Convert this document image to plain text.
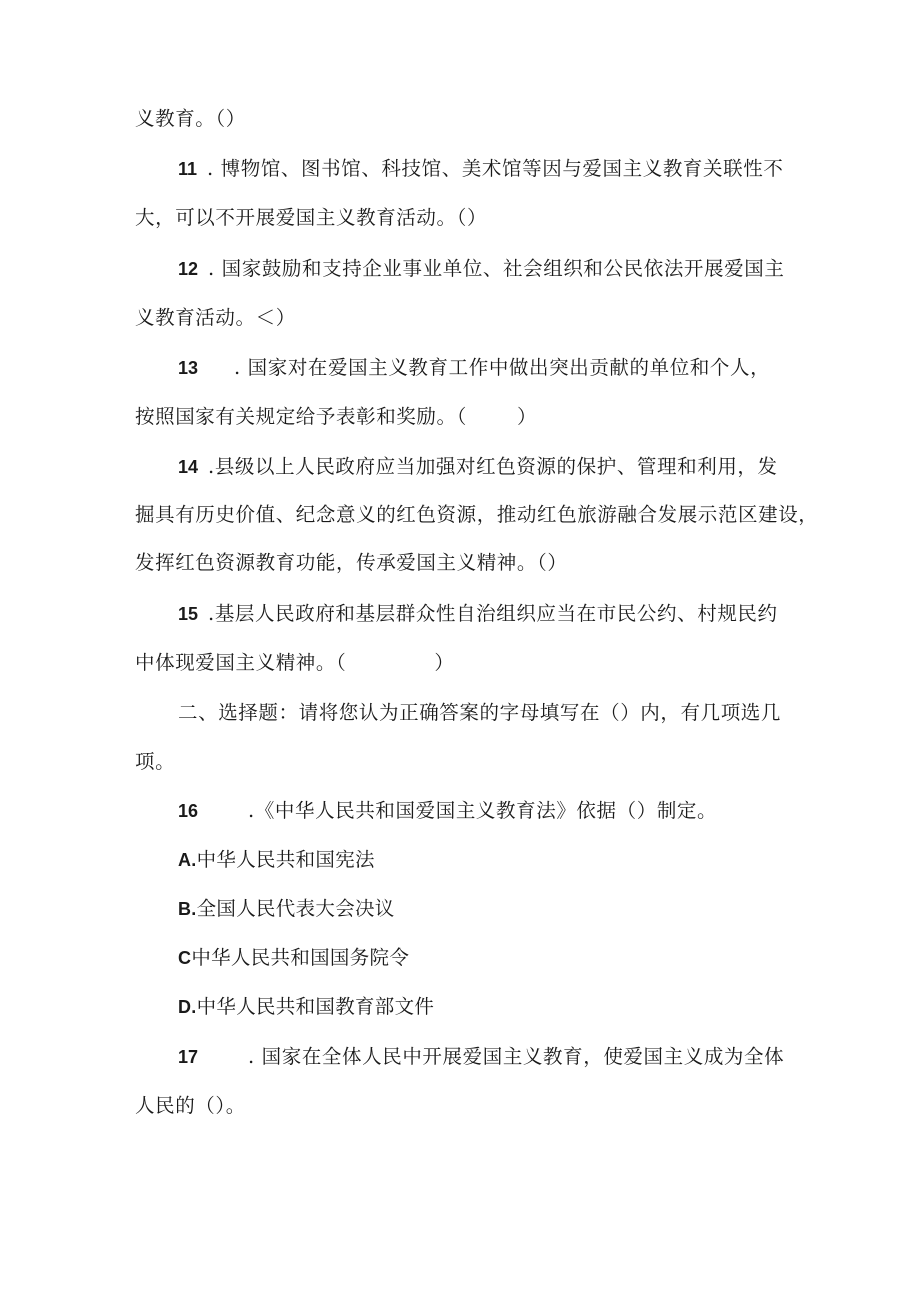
义教育。（）
11 . 博物馆、图书馆、科技馆、美术馆等因与爱国主义教育关联性不
大，可以不开展爱国主义教育活动。（）
12 . 国家鼓励和支持企业事业单位、社会组织和公民依法开展爱国主
义教育活动。＜）
13 . 国家对在爱国主义教育工作中做出突出贡献的单位和个人，
按照国家有关规定给予表彰和奖励。（	）
14 .县级以上人民政府应当加强对红色资源的保护、管理和利用，发
掘具有历史价值、纪念意义的红色资源，推动红色旅游融合发展示范区建设，
发挥红色资源教育功能，传承爱国主义精神。（）
15 .基层人民政府和基层群众性自治组织应当在市民公约、村规民约
中体现爱国主义精神。（	）
二、选择题：请将您认为正确答案的字母填写在（）内，有几项选几
项。
16	.《中华人民共和国爱国主义教育法》依据（）制定。
A.中华人民共和国宪法
B.全国人民代表大会决议
C中华人民共和国国务院令
D.中华人民共和国教育部文件
17	. 国家在全体人民中开展爱国主义教育，使爱国主义成为全体
人民的（）。
